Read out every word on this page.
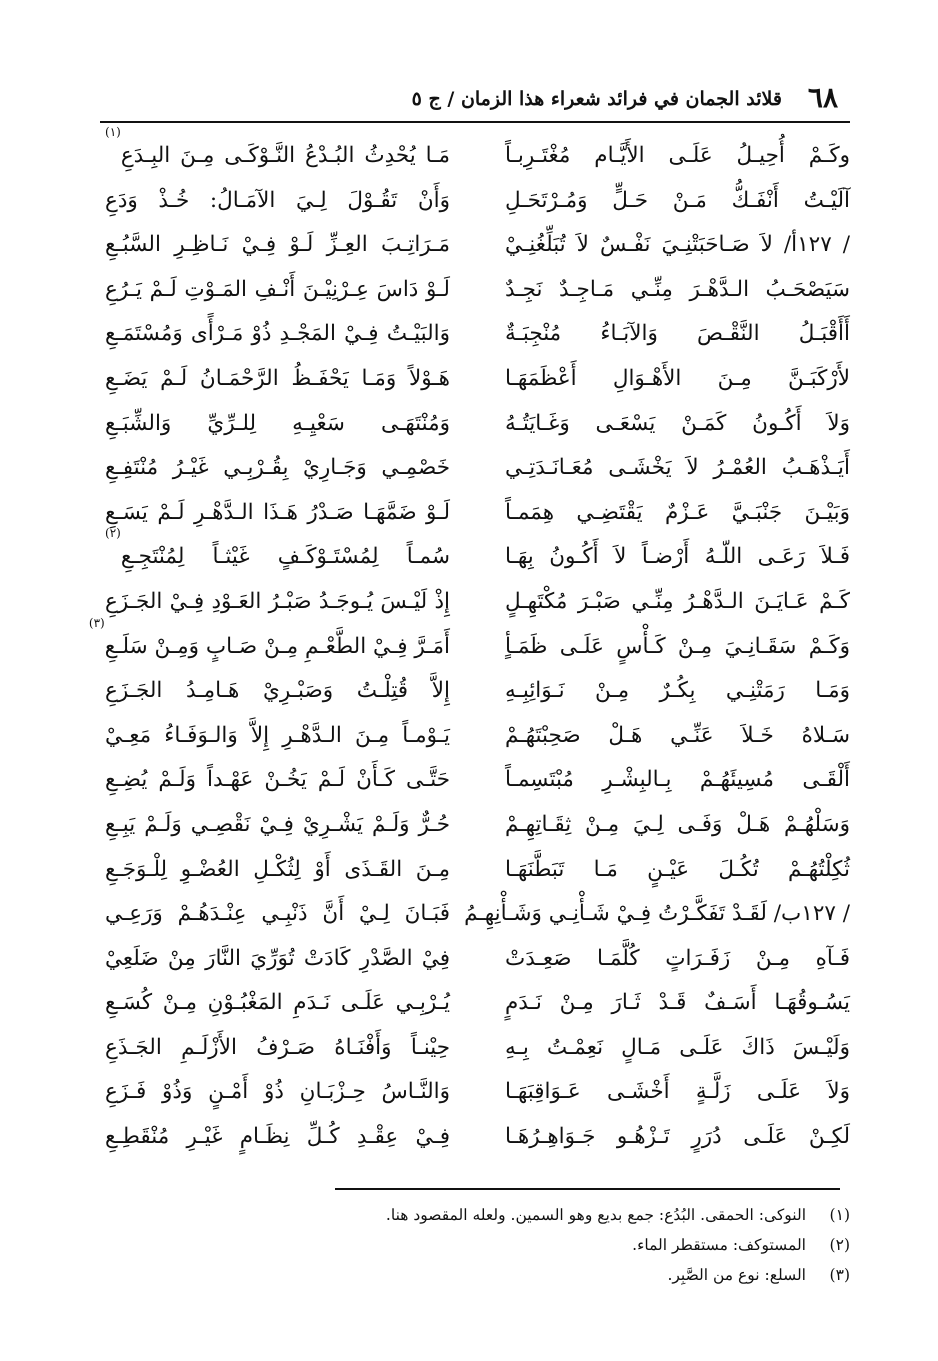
٦٨
قلائد الجمان في فرائد شعراء هذا الزمان / ج ٥
وكَـمْ أُحِيـلُ عَلَـى الأَيَّـام مُغْتَـرِبـاً
آلَيْـتُ أَنْفَـكُّ مَـنْ حَـلٍّ وَمُـرْتَحَـلِ
/ ١٢٧أ/ لاَ صَـاحَبَتْنِـيَ نَفْـسٌ لاَ تُبَلِّغُنِـيْ
سَيَصْحَـبُ الـدَّهْـرَ مِنِّـي مَـاجِـدٌ نَجِـدٌ
أَأَقْبَـلُ النَّقْـصَ وَالآبَـاءُ مُنْجِبَـةٌ
لأَرْكَبَـنَّ مِـنَ الأَهْـوَالِ أَعْظَمَهَـا
وَلاَ أَكُـونُ كَمَـنْ يَسْعَـى وَغَـايَتُـهُ
أَيَـذْهَـبُ العُمْـرُ لاَ يَخْشَـى مُعَـانَـدَتِـي
وَبَيْـنَ جَنْبَـيَّ عَـزْمٌ يَقْتَضِـي هِمَمـاً
فَـلاَ رَعَـى اللّـهُ أَرْضـاً لاَ أَكُـونُ بِهَـا
كَـمْ عَـايَـنَ الـدَّهْـرُ مِنِّـي صَبْـرَ مُكْتَهِـلٍ
وَكَـمْ سَقَـانِـيَ مِـنْ كَـأْسٍ عَلَـى ظَمَـأٍ
وَمَـا رَمَتْنِـي بِكُـرٌ مِـنْ نَـوَائِبِـهِ
سَـلاهُ خَـلاَ عَنِّـي هَـلْ صَحِبْتَهُـمْ
أَلْقَـى مُسِيئَهُـمْ بِـالبِشْـرِ مُبْتَسِمـاً
وَسَلْهُـمْ هَـلْ وَفَـى لِـيَ مِـنْ ثِقَـاتِهِـمْ
ثُكِلْتُهُـمْ تُكُـلَ عَيْـنٍ مَـا تَبَطَّنَهَـا
/ ١٢٧ب/ لَقَـدْ تَفَكَّـرْتُ فِـيْ شَـأْنِـي وَشَـأْنِهِـمُ
فَـآهِ مِـنْ زَفَـرَاتٍ كُلَّمَـا صَعِـدَتْ
يَسُـوقُهَـا أَسَـفٌ قَـدْ ثَـارَ مِـنْ نَـدَمٍ
وَلَيْـسَ ذَاكَ عَلَـى مَـالٍ نَعِمْـتُ بِـهِ
وَلاَ عَلَـى زَلَّـةٍ أَخْشَـى عَـوَاقِبَهَـا
لَكِـنْ عَلَـى دُرَرٍ تَـزْهُـو جَـوَاهِـرُهَـا
مَـا يُحْدِثُ البُـدْعُ النَّـوْكَـى مِـنَ البِـدَعِ$^{(١)}$
وَأَنْ تَقُـوْلَ لِـيَ الآمَـالُ: خُـذْ وَدَعِ
مَـرَاتِـبَ العِـزِّ لَـوْ فِـيْ نَـاظِـرِ السَّبُـعِ
لَـوْ دَاسَ عِـرْنِيْـنَ أَنْـفِ المَـوْتِ لَـمْ يَـرُعِ
وَالبَيْـتُ فِـيْ المَجْـدِ ذُوْ مَـرْأًى وَمُسْتَمَـعِ
هَـوْلاً وَمَـا يَحْفَـظُ الرَّحْمَـانُ لَـمْ يَضَـعِ
وَمُنْتَهَـى سَعْيِـهِ لِلـرِّيِّ وَالشِّبَـعِ
خَصْمِـي وَجَـارِيْ بِقُـرْبِـي غَيْـرُ مُنْتَفِـعِ
لَـوْ ضَمَّهَـا صَـدْرُ هَـذَا الـدَّهْـرِ لَـمْ يَسَـعِ
سُمـاً لِمُسْتَـوْكَـفٍ غَيْثـاً لِمُنْتَجِـعِ$^{(٢)}$
إِذْ لَيْـسَ يُـوجَـدُ صَبْـرُ العَـوْدِ فِـيْ الجَـزَعِ
أَمَـرَّ فِـيْ الطَّعْـمِ مِـنْ صَـابٍ وَمِـنْ سَلَـعِ$^{(٣)}$
إِلاَّ قُتِلْـتُ وَصَبْـرِيْ هَـامِـدُ الجَـزَعِ
يَـوْمـاً مِـنَ الـدَّهْـرِ إِلاَّ وَالـوَفَـاءُ مَعِـيْ
حَتَّـى كَـأَنْ لَـمْ يَخُـنْ عَهْـداً وَلَـمْ يُضِـعِ
حُـرٌّ وَلَـمْ يَشْـرِيْ فِـيْ نَقْصِـي وَلَـمْ يَبِـعِ
مِـنَ القَـذَى أَوْ لِثُكْـلِ العُضْـوِ لِلْـوَجَـعِ
فَبَـانَ لِـيْ أَنَّ ذَنْبِـي عِنْـدَهُـمْ وَرَعِـي
فِيْ الصَّدْرِ كَادَتْ تُوَرِّيَ النَّارَ مِنْ ضَلَعِيْ
يُـرْبِـي عَلَـى نَـدَمِ المَغْبُـوْنِ مِـنْ كُسَـعِ
حِيْنـاً وَأَفْنَـاهُ صَـرْفُ الأَزْلَـمِ الجَـذَعِ
وَالنَّـاسُ حِـزْبَـانِ ذُوْ أَمْـنٍ وَذُوْ فَـزَعِ
فِـيْ عِقْـدِ كُـلِّ نِظَـامٍ غَيْـرِ مُنْقَطِـعِ
(١)
النوكى: الحمقى. البُدُع: جمع بديع وهو السمين. ولعله المقصود هنا.
(٢)
المستوكف: مستقطر الماء.
(٣)
السلع: نوع من الصَّبِر.
